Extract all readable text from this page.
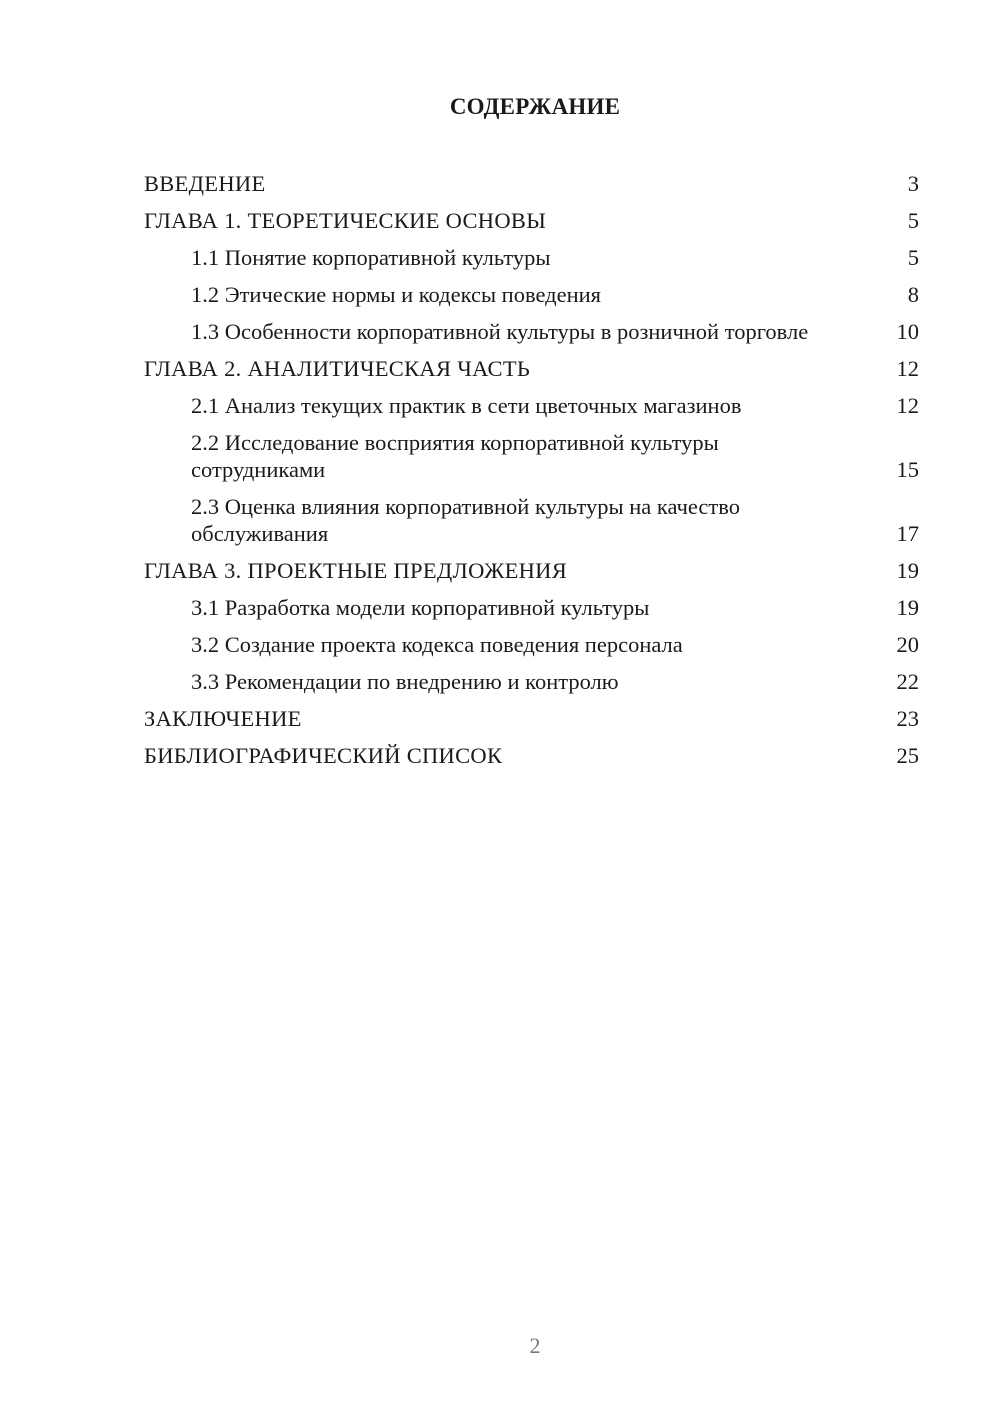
СОДЕРЖАНИЕ
ВВЕДЕНИЕ	3
ГЛАВА 1. ТЕОРЕТИЧЕСКИЕ ОСНОВЫ	5
1.1 Понятие корпоративной культуры	5
1.2 Этические нормы и кодексы поведения	8
1.3 Особенности корпоративной культуры в розничной торговле	10
ГЛАВА 2. АНАЛИТИЧЕСКАЯ ЧАСТЬ	12
2.1 Анализ текущих практик в сети цветочных магазинов	12
2.2 Исследование восприятия корпоративной культуры сотрудниками	15
2.3 Оценка влияния корпоративной культуры на качество обслуживания	17
ГЛАВА 3. ПРОЕКТНЫЕ ПРЕДЛОЖЕНИЯ	19
3.1 Разработка модели корпоративной культуры	19
3.2 Создание проекта кодекса поведения персонала	20
3.3 Рекомендации по внедрению и контролю	22
ЗАКЛЮЧЕНИЕ	23
БИБЛИОГРАФИЧЕСКИЙ СПИСОК	25
2
